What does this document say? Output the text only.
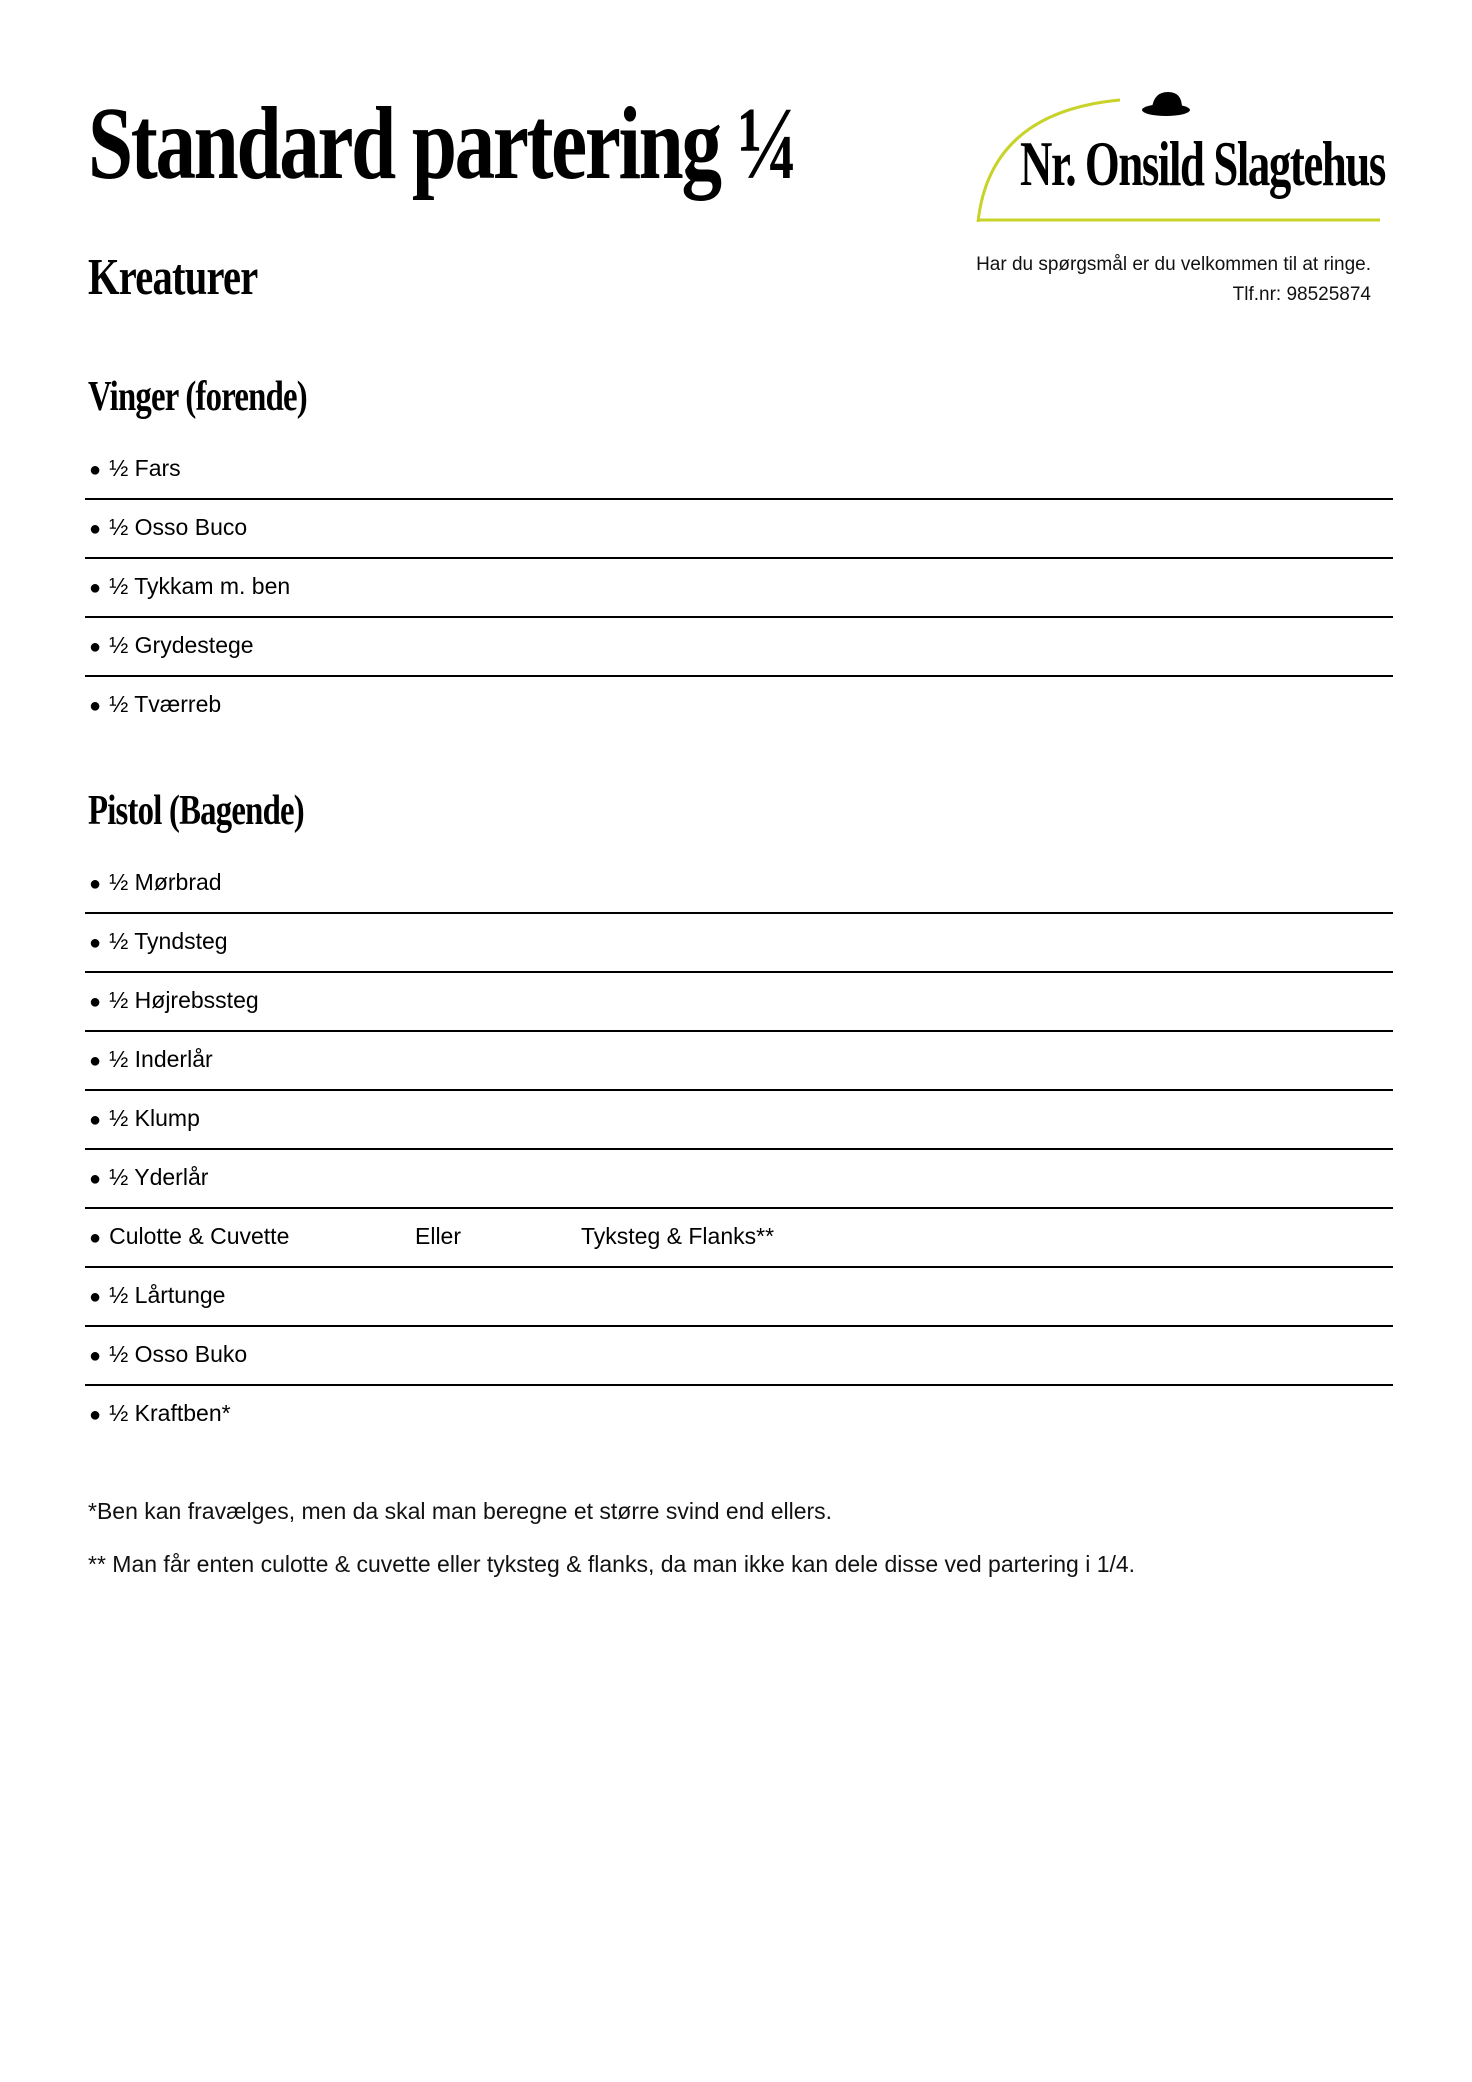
Standard partering ¼
Kreaturer
Nr. Onsild Slagtehus
Har du spørgsmål er du velkommen til at ringe.
Tlf.nr: 98525874
Vinger (forende)
● ½ Fars
● ½ Osso Buco
● ½ Tykkam m. ben
● ½ Grydestege
● ½ Tværreb
Pistol (Bagende)
● ½ Mørbrad
● ½ Tyndsteg
● ½ Højrebssteg
● ½ Inderlår
● ½ Klump
● ½ Yderlår
● Culotte & Cuvette	Eller	Tyksteg & Flanks**
● ½ Lårtunge
● ½ Osso Buko
● ½ Kraftben*

*Ben kan fravælges, men da skal man beregne et større svind end ellers.

** Man får enten culotte & cuvette eller tyksteg & flanks, da man ikke kan dele disse ved partering i 1/4.
